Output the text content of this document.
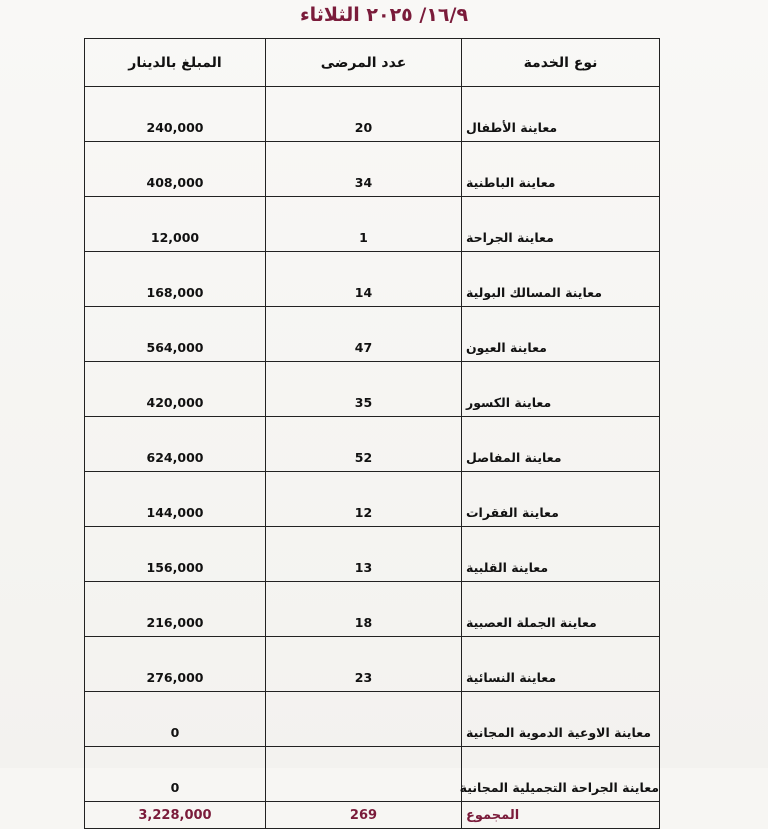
١٦/٩/ ٢٠٢٥ الثلاثاء
نوع الخدمة	عدد المرضى	المبلغ بالدينار
معاينة الأطفال	20	240,000
معاينة الباطنية	34	408,000
معاينة الجراحة	1	12,000
معاينة المسالك البولية	14	168,000
معاينة العيون	47	564,000
معاينة الكسور	35	420,000
معاينة المفاصل	52	624,000
معاينة الفقرات	12	144,000
معاينة القلبية	13	156,000
معاينة الجملة العصبية	18	216,000
معاينة النسائية	23	276,000
معاينة الاوعية الدموية المجانية		0
معاينة الجراحة التجميلية المجانية		0
المجموع	269	3,228,000
